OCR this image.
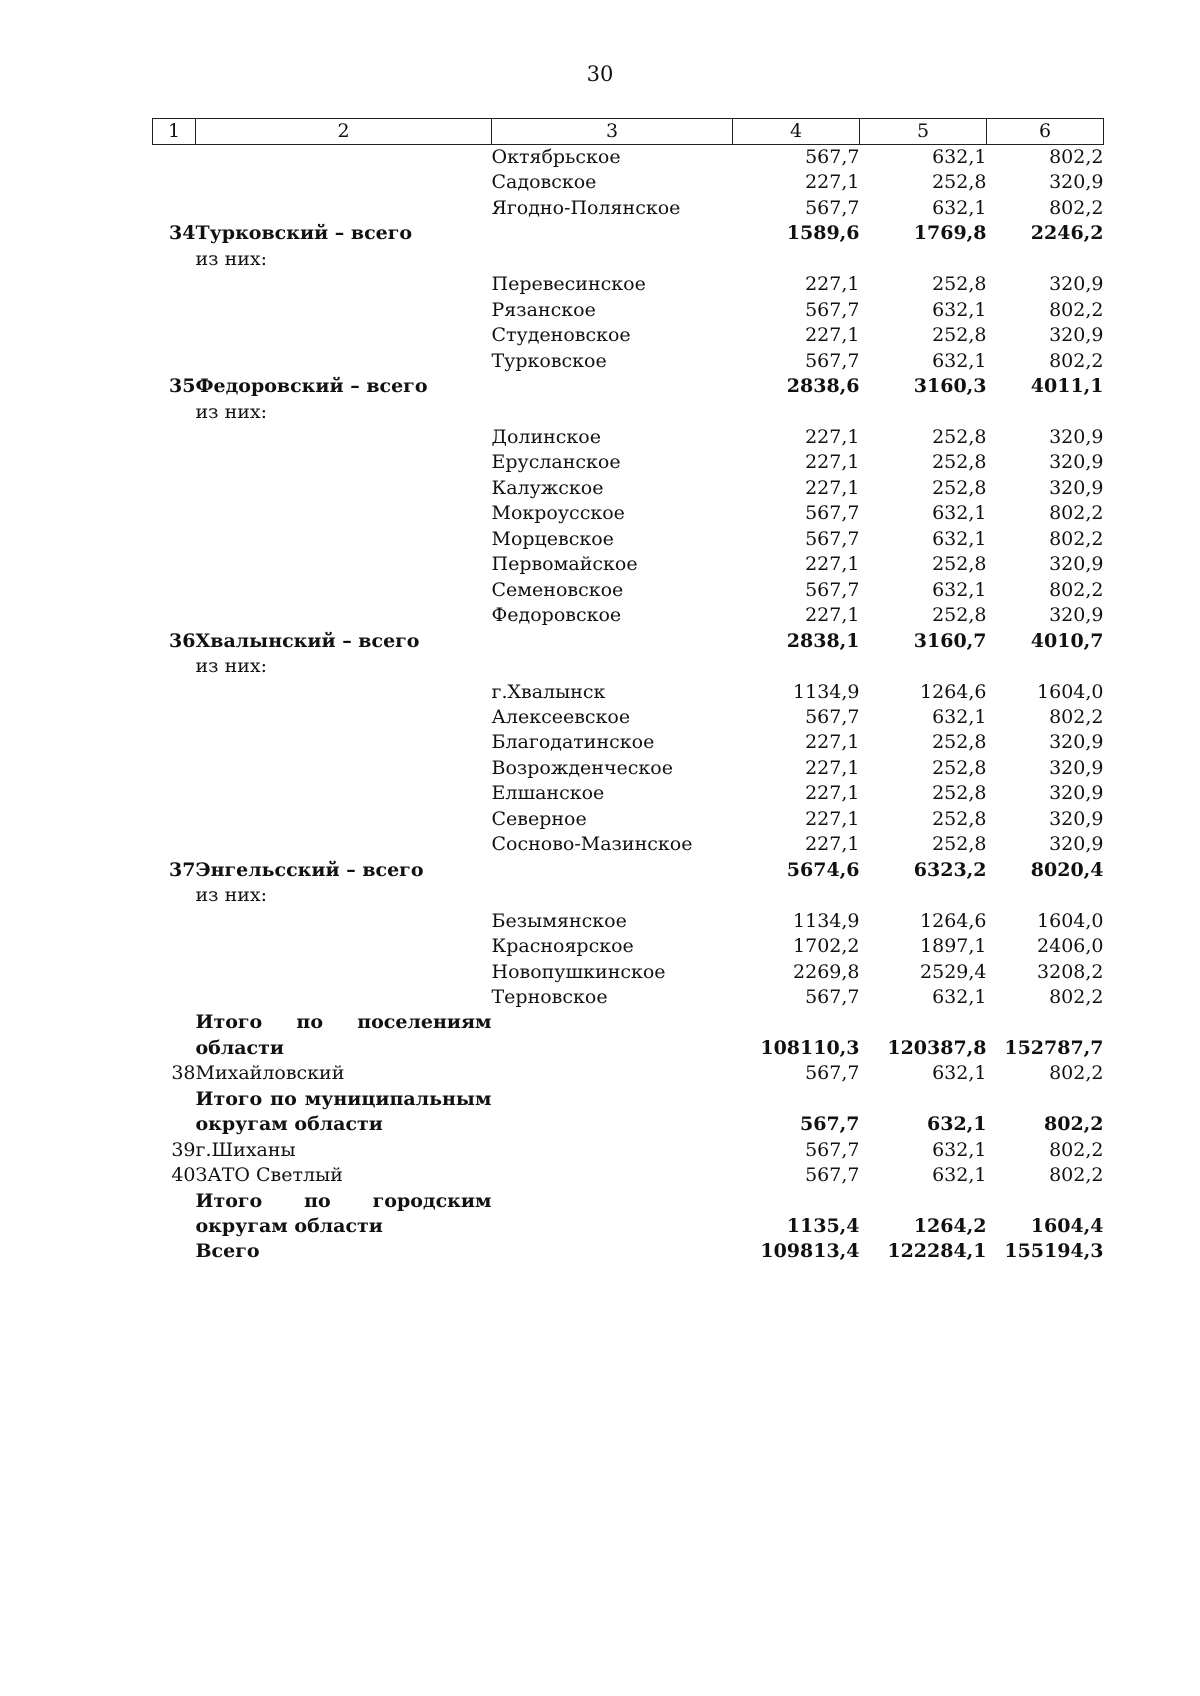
30
1	2	3	4	5	6
		Октябрьское	567,7	632,1	802,2
		Садовское	227,1	252,8	320,9
		Ягодно-Полянское	567,7	632,1	802,2
34	Турковский – всего		1589,6	1769,8	2246,2
	из них:				
		Перевесинское	227,1	252,8	320,9
		Рязанское	567,7	632,1	802,2
		Студеновское	227,1	252,8	320,9
		Турковское	567,7	632,1	802,2
35	Федоровский – всего		2838,6	3160,3	4011,1
	из них:				
		Долинское	227,1	252,8	320,9
		Ерусланское	227,1	252,8	320,9
		Калужское	227,1	252,8	320,9
		Мокроусское	567,7	632,1	802,2
		Морцевское	567,7	632,1	802,2
		Первомайское	227,1	252,8	320,9
		Семеновское	567,7	632,1	802,2
		Федоровское	227,1	252,8	320,9
36	Хвалынский – всего		2838,1	3160,7	4010,7
	из них:				
		г.Хвалынск	1134,9	1264,6	1604,0
		Алексеевское	567,7	632,1	802,2
		Благодатинское	227,1	252,8	320,9
		Возрожденческое	227,1	252,8	320,9
		Елшанское	227,1	252,8	320,9
		Северное	227,1	252,8	320,9
		Сосново-Мазинское	227,1	252,8	320,9
37	Энгельсский – всего		5674,6	6323,2	8020,4
	из них:				
		Безымянское	1134,9	1264,6	1604,0
		Красноярское	1702,2	1897,1	2406,0
		Новопушкинское	2269,8	2529,4	3208,2
		Терновское	567,7	632,1	802,2
	Итого по поселениям				
	области		108110,3	120387,8	152787,7
38	Михайловский		567,7	632,1	802,2
	Итого по муниципальным				
	округам области		567,7	632,1	802,2
39	г.Шиханы		567,7	632,1	802,2
40	ЗАТО Светлый		567,7	632,1	802,2
	Итого по городским				
	округам области		1135,4	1264,2	1604,4
	Всего		109813,4	122284,1	155194,3
